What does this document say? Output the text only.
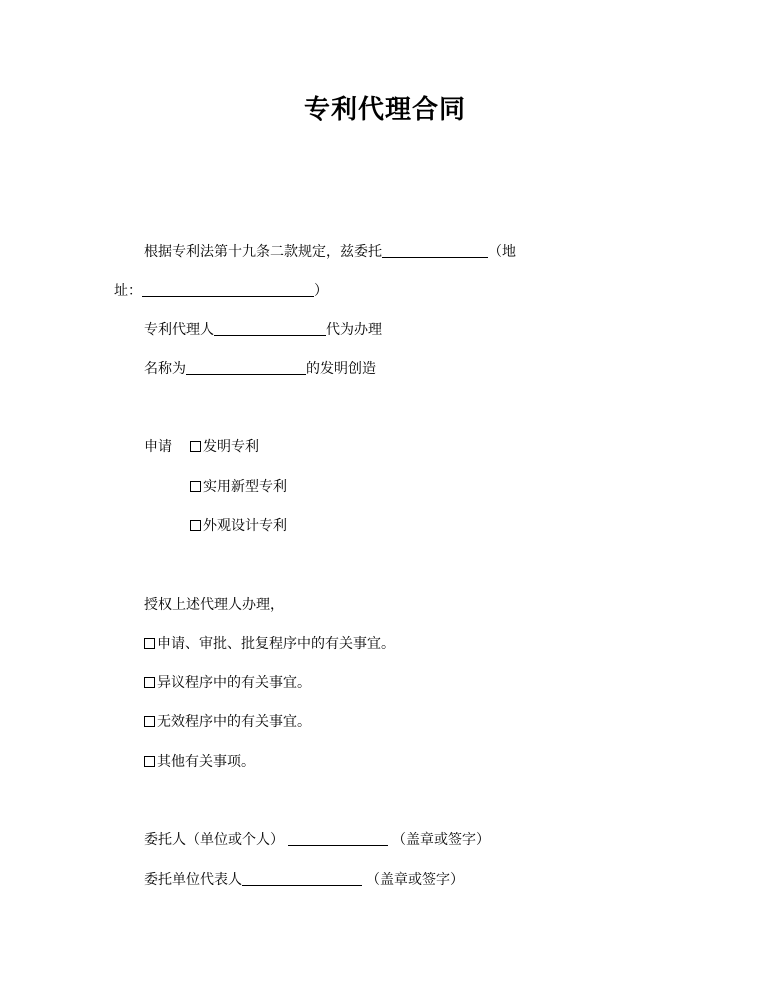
专利代理合同
根据专利法第十九条二款规定，兹委托	（地
址：	）
专利代理人	代为办理
名称为	的发明创造
申请	发明专利
实用新型专利
外观设计专利
授权上述代理人办理，
申请、审批、批复程序中的有关事宜。
异议程序中的有关事宜。
无效程序中的有关事宜。
其他有关事项。
委托人（单位或个人）	（盖章或签字）
委托单位代表人	（盖章或签字）
